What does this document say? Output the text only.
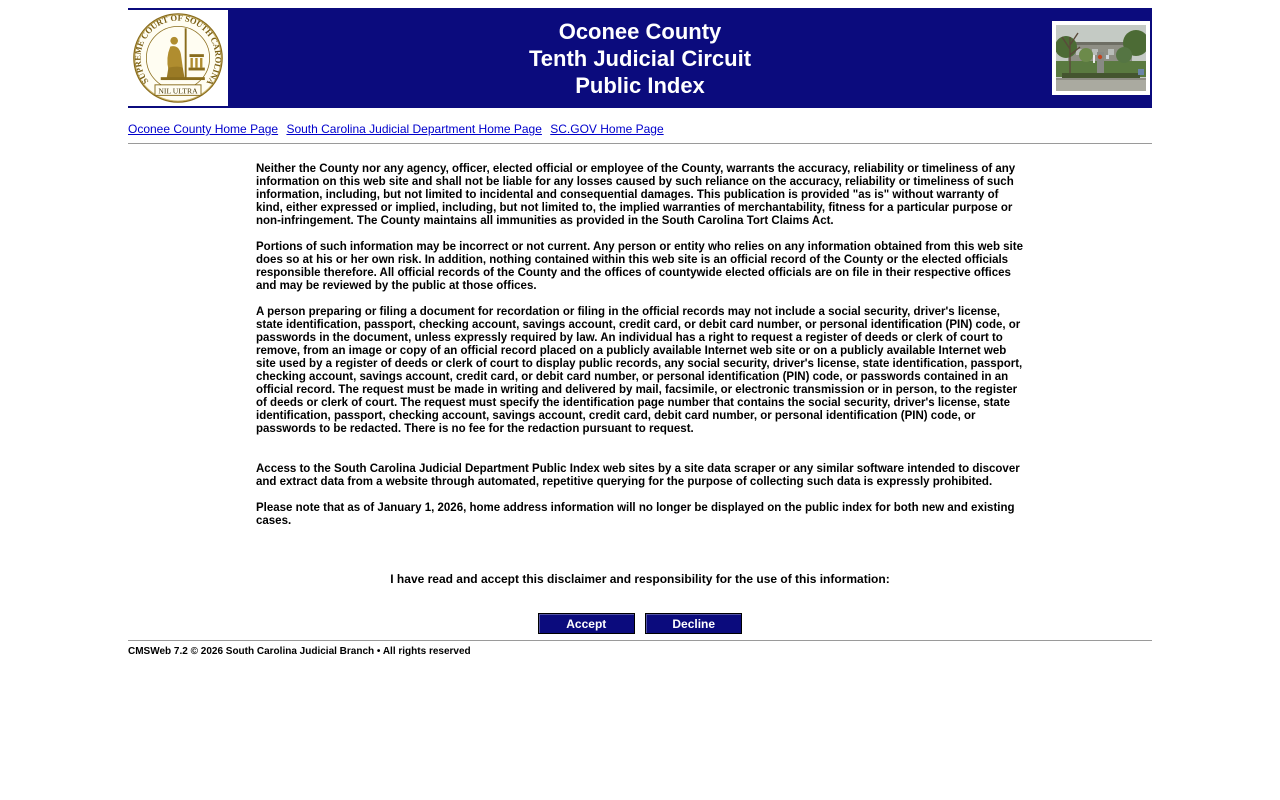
SUPREME COURT OF SOUTH CAROLINA
NIL ULTRA
Oconee County
Tenth Judicial Circuit
Public Index
Oconee County Home Page South Carolina Judicial Department Home Page SC.GOV Home Page

Neither the County nor any agency, officer, elected official or employee of the County, warrants the accuracy, reliability or timeliness of any information on this web site and shall not be liable for any losses caused by such reliance on the accuracy, reliability or timeliness of such information, including, but not limited to incidental and consequential damages. This publication is provided "as is" without warranty of kind, either expressed or implied, including, but not limited to, the implied warranties of merchantability, fitness for a particular purpose or non-infringement. The County maintains all immunities as provided in the South Carolina Tort Claims Act.

Portions of such information may be incorrect or not current. Any person or entity who relies on any information obtained from this web site does so at his or her own risk. In addition, nothing contained within this web site is an official record of the County or the elected officials responsible therefore. All official records of the County and the offices of countywide elected officials are on file in their respective offices and may be reviewed by the public at those offices.

A person preparing or filing a document for recordation or filing in the official records may not include a social security, driver's license, state identification, passport, checking account, savings account, credit card, or debit card number, or personal identification (PIN) code, or passwords in the document, unless expressly required by law. An individual has a right to request a register of deeds or clerk of court to remove, from an image or copy of an official record placed on a publicly available Internet web site or on a publicly available Internet web site used by a register of deeds or clerk of court to display public records, any social security, driver's license, state identification, passport, checking account, savings account, credit card, or debit card number, or personal identification (PIN) code, or passwords contained in an official record. The request must be made in writing and delivered by mail, facsimile, or electronic transmission or in person, to the register of deeds or clerk of court. The request must specify the identification page number that contains the social security, driver's license, state identification, passport, checking account, savings account, credit card, debit card number, or personal identification (PIN) code, or passwords to be redacted. There is no fee for the redaction pursuant to request.

Access to the South Carolina Judicial Department Public Index web sites by a site data scraper or any similar software intended to discover and extract data from a website through automated, repetitive querying for the purpose of collecting such data is expressly prohibited.

Please note that as of January 1, 2026, home address information will no longer be displayed on the public index for both new and existing cases.

I have read and accept this disclaimer and responsibility for the use of this information:
Accept	Decline
CMSWeb 7.2 © 2026 South Carolina Judicial Branch • All rights reserved
